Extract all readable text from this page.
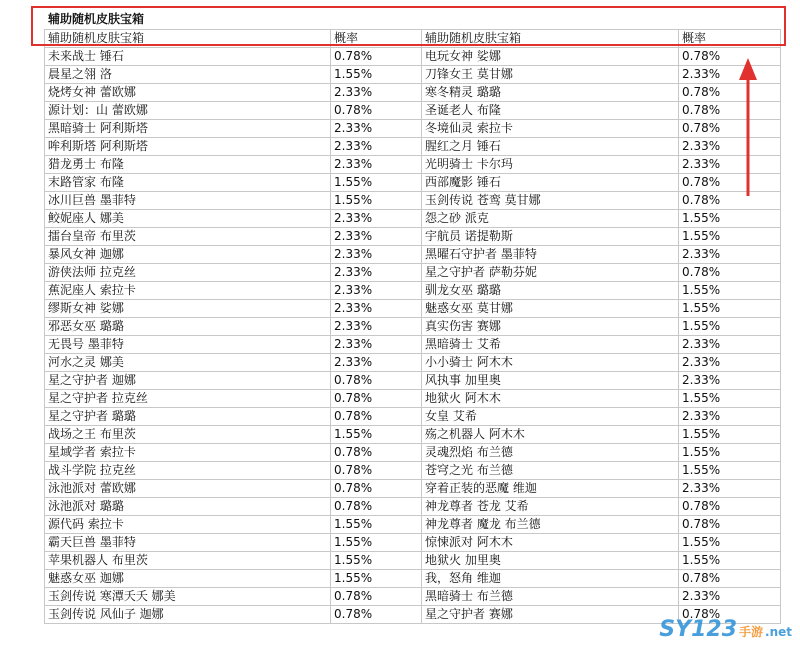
辅助随机皮肤宝箱
辅助随机皮肤宝箱	概率	辅助随机皮肤宝箱	概率
未来战士 锤石	0.78%	电玩女神 娑娜	0.78%
晨星之翎 洛	1.55%	刀锋女王 莫甘娜	2.33%
烧烤女神 蕾欧娜	2.33%	寒冬精灵 璐璐	0.78%
源计划：山 蕾欧娜	0.78%	圣诞老人 布隆	0.78%
黑暗骑士 阿利斯塔	2.33%	冬境仙灵 索拉卡	0.78%
哞利斯塔 阿利斯塔	2.33%	腥红之月 锤石	2.33%
猎龙勇士 布隆	2.33%	光明骑士 卡尔玛	2.33%
末路管家 布隆	1.55%	西部魔影 锤石	0.78%
冰川巨兽 墨菲特	1.55%	玉剑传说 苍鸾 莫甘娜	0.78%
鲛妮座人 娜美	2.33%	怨之砂 派克	1.55%
擂台皇帝 布里茨	2.33%	宇航员 诺提勒斯	1.55%
暴风女神 迦娜	2.33%	黑曜石守护者 墨菲特	2.33%
游侠法师 拉克丝	2.33%	星之守护者 萨勒芬妮	0.78%
蕉泥座人 索拉卡	2.33%	驯龙女巫 璐璐	1.55%
缪斯女神 娑娜	2.33%	魅惑女巫 莫甘娜	1.55%
邪恶女巫 璐璐	2.33%	真实伤害 赛娜	1.55%
无畏号 墨菲特	2.33%	黑暗骑士 艾希	2.33%
河水之灵 娜美	2.33%	小小骑士 阿木木	2.33%
星之守护者 迦娜	0.78%	风执事 加里奥	2.33%
星之守护者 拉克丝	0.78%	地狱火 阿木木	1.55%
星之守护者 璐璐	0.78%	女皇 艾希	2.33%
战场之王 布里茨	1.55%	殇之机器人 阿木木	1.55%
星域学者 索拉卡	0.78%	灵魂烈焰 布兰德	1.55%
战斗学院 拉克丝	0.78%	苍穹之光 布兰德	1.55%
泳池派对 蕾欧娜	0.78%	穿着正装的恶魔 维迦	2.33%
泳池派对 璐璐	0.78%	神龙尊者 苍龙 艾希	0.78%
源代码 索拉卡	1.55%	神龙尊者 魔龙 布兰德	0.78%
霸天巨兽 墨菲特	1.55%	惊悚派对 阿木木	1.55%
苹果机器人 布里茨	1.55%	地狱火 加里奥	1.55%
魅惑女巫 迦娜	1.55%	我，怒角 维迦	0.78%
玉剑传说 寒潭夭夭 娜美	0.78%	黑暗骑士 布兰德	2.33%
玉剑传说 风仙子 迦娜	0.78%	星之守护者 赛娜	0.78%
SY123 手游 .net
